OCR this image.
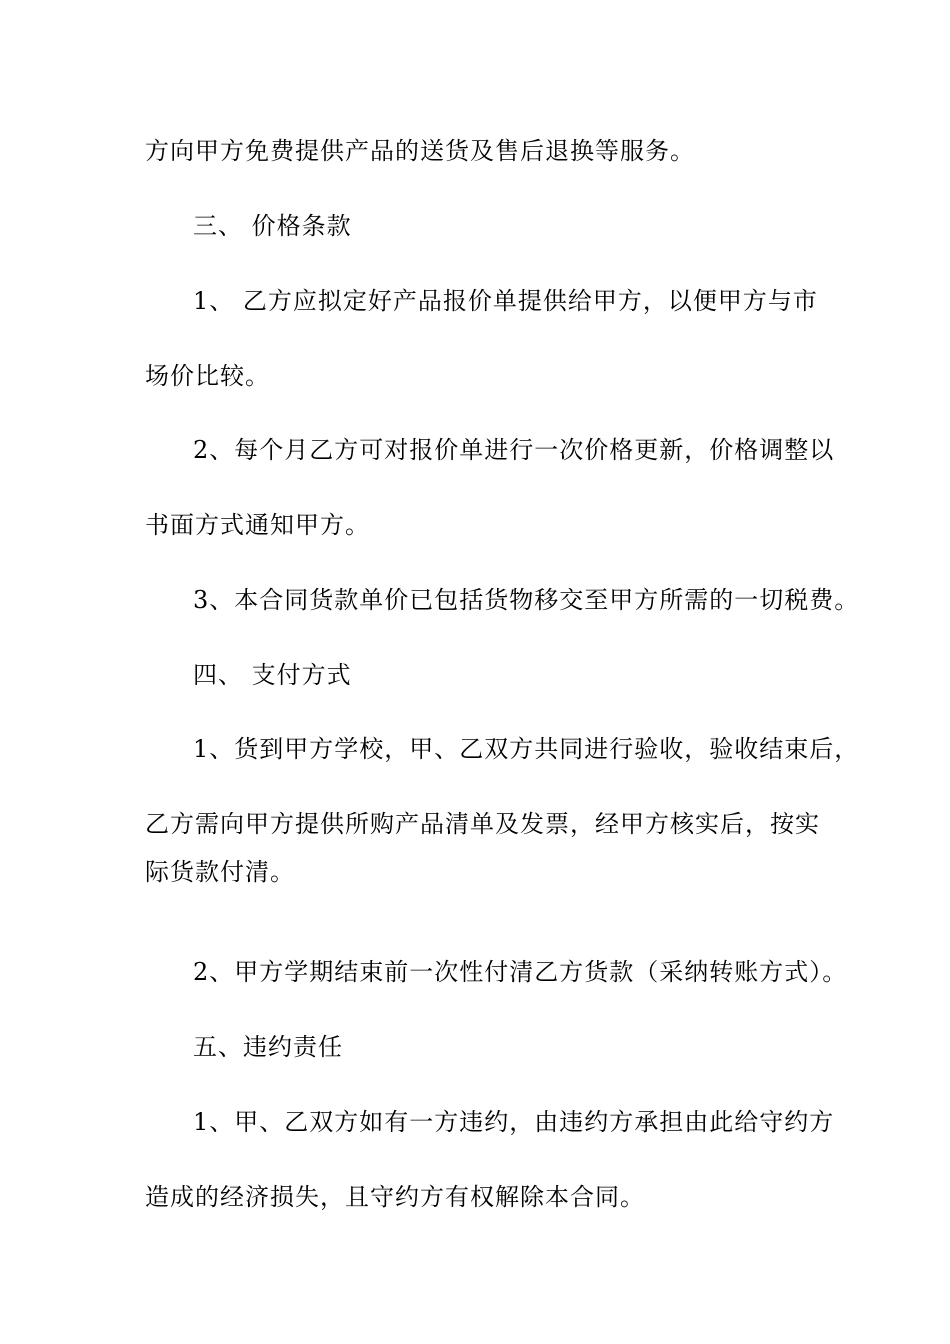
方向甲方免费提供产品的送货及售后退换等服务。
三、 价格条款
1、 乙方应拟定好产品报价单提供给甲方，以便甲方与市
场价比较。
2、每个月乙方可对报价单进行一次价格更新，价格调整以
书面方式通知甲方。
3、本合同货款单价已包括货物移交至甲方所需的一切税费。
四、 支付方式
1、货到甲方学校，甲、乙双方共同进行验收，验收结束后，
乙方需向甲方提供所购产品清单及发票，经甲方核实后，按实
际货款付清。
2、甲方学期结束前一次性付清乙方货款（采纳转账方式）。
五、违约责任
1、甲、乙双方如有一方违约，由违约方承担由此给守约方
造成的经济损失，且守约方有权解除本合同。
